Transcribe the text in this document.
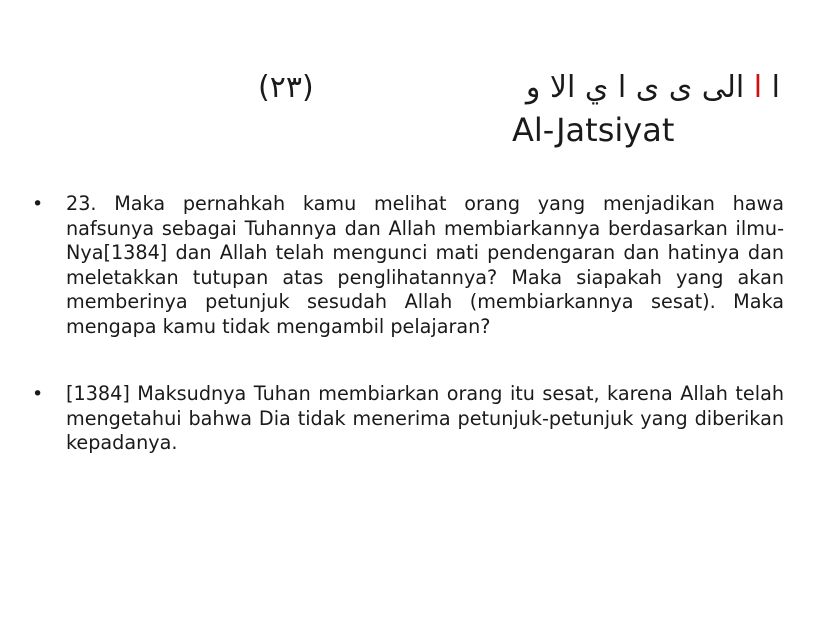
(٢٣)	ا ا الى ى ى ا ي الا و
Al-Jatsiyat
•	23. Maka pernahkah kamu melihat orang yang menjadikan hawa nafsunya sebagai Tuhannya dan Allah membiarkannya berdasarkan ilmu-Nya[1384] dan Allah telah mengunci mati pendengaran dan hatinya dan meletakkan tutupan atas penglihatannya? Maka siapakah yang akan memberinya petunjuk sesudah Allah (membiarkannya sesat). Maka mengapa kamu tidak mengambil pelajaran?
•	[1384] Maksudnya Tuhan membiarkan orang itu sesat, karena Allah telah mengetahui bahwa Dia tidak menerima petunjuk-petunjuk yang diberikan kepadanya.
